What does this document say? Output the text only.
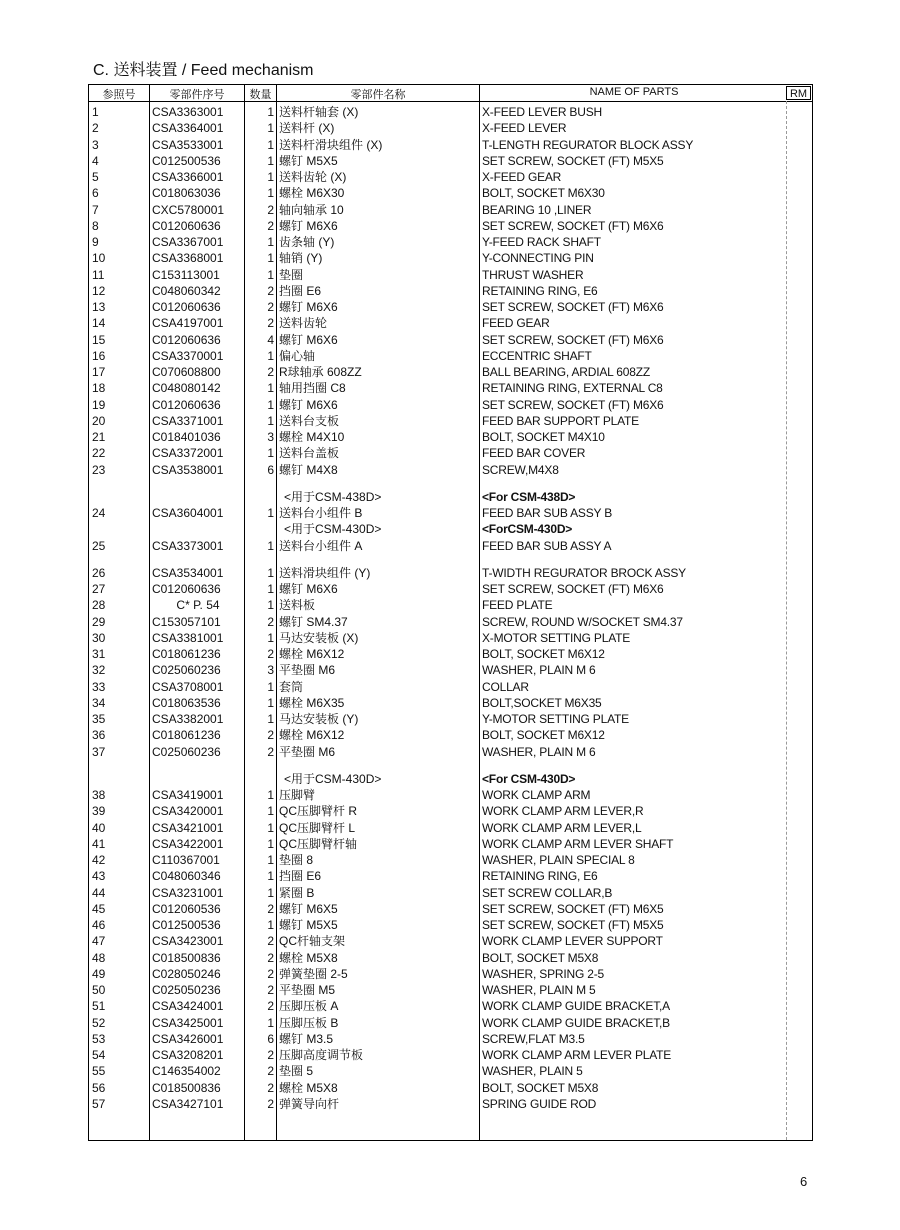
C. 送料装置 / Feed mechanism
参照号	零部件序号	数量	零部件名称	NAME OF PARTS
1	CSA3363001	1 送料杆轴套 (X)	X-FEED LEVER BUSH
2	CSA3364001	1 送料杆 (X)	X-FEED LEVER
3	CSA3533001	1 送料杆滑块组件 (X)	T-LENGTH REGURATOR BLOCK ASSY
4	C012500536	1 螺钉 M5X5	SET SCREW, SOCKET (FT) M5X5
5	CSA3366001	1 送料齿轮 (X)	X-FEED GEAR
6	C018063036	1 螺栓 M6X30	BOLT, SOCKET M6X30
7	CXC5780001	2 轴向轴承 10	BEARING 10 ,LINER
8	C012060636	2 螺钉 M6X6	SET SCREW, SOCKET (FT) M6X6
9	CSA3367001	1 齿条轴 (Y)	Y-FEED RACK SHAFT
10	CSA3368001	1 轴销 (Y)	Y-CONNECTING PIN
11	C153113001	1 垫圈	THRUST WASHER
12	C048060342	2 挡圈 E6	RETAINING RING, E6
13	C012060636	2 螺钉 M6X6	SET SCREW, SOCKET (FT) M6X6
14	CSA4197001	2 送料齿轮	FEED GEAR
15	C012060636	4 螺钉 M6X6	SET SCREW, SOCKET (FT) M6X6
16	CSA3370001	1 偏心轴	ECCENTRIC SHAFT
17	C070608800	2 R球轴承 608ZZ	BALL BEARING, ARDIAL 608ZZ
18	C048080142	1 轴用挡圈 C8	RETAINING RING, EXTERNAL C8
19	C012060636	1 螺钉 M6X6	SET SCREW, SOCKET (FT) M6X6
20	CSA3371001	1 送料台支板	FEED BAR SUPPORT PLATE
21	C018401036	3 螺栓 M4X10	BOLT, SOCKET M4X10
22	CSA3372001	1 送料台盖板	FEED BAR COVER
23	CSA3538001	6 螺钉 M4X8	SCREW,M4X8
<用于CSM-438D>	<For CSM-438D>
24	CSA3604001	1 送料台小组件 B	FEED BAR SUB ASSY B
<用于CSM-430D>	<ForCSM-430D>
25	CSA3373001	1 送料台小组件 A	FEED BAR SUB ASSY A
26	CSA3534001	1 送料滑块组件 (Y)	T-WIDTH REGURATOR BROCK ASSY
27	C012060636	1 螺钉 M6X6	SET SCREW, SOCKET (FT) M6X6
28	C* P. 54	1 送料板	FEED PLATE
29	C153057101	2 螺钉 SM4.37	SCREW, ROUND W/SOCKET SM4.37
30	CSA3381001	1 马达安装板 (X)	X-MOTOR SETTING PLATE
31	C018061236	2 螺栓 M6X12	BOLT, SOCKET M6X12
32	C025060236	3 平垫圈 M6	WASHER, PLAIN M 6
33	CSA3708001	1 套筒	COLLAR
34	C018063536	1 螺栓 M6X35	BOLT,SOCKET M6X35
35	CSA3382001	1 马达安装板 (Y)	Y-MOTOR SETTING PLATE
36	C018061236	2 螺栓 M6X12	BOLT, SOCKET M6X12
37	C025060236	2 平垫圈 M6	WASHER, PLAIN M 6
<用于CSM-430D>	<For CSM-430D>
38	CSA3419001	1 压脚臂	WORK CLAMP ARM
39	CSA3420001	1 QC压脚臂杆 R	WORK CLAMP ARM LEVER,R
40	CSA3421001	1 QC压脚臂杆 L	WORK CLAMP ARM LEVER,L
41	CSA3422001	1 QC压脚臂杆轴	WORK CLAMP ARM LEVER SHAFT
42	C110367001	1 垫圈 8	WASHER, PLAIN SPECIAL 8
43	C048060346	1 挡圈 E6	RETAINING RING, E6
44	CSA3231001	1 紧圈 B	SET SCREW COLLAR,B
45	C012060536	2 螺钉 M6X5	SET SCREW, SOCKET (FT) M6X5
46	C012500536	1 螺钉 M5X5	SET SCREW, SOCKET (FT) M5X5
47	CSA3423001	2 QC杆轴支架	WORK CLAMP LEVER SUPPORT
48	C018500836	2 螺栓 M5X8	BOLT, SOCKET M5X8
49	C028050246	2 弹簧垫圈 2-5	WASHER, SPRING 2-5
50	C025050236	2 平垫圈 M5	WASHER, PLAIN M 5
51	CSA3424001	2 压脚压板 A	WORK CLAMP GUIDE BRACKET,A
52	CSA3425001	1 压脚压板 B	WORK CLAMP GUIDE BRACKET,B
53	CSA3426001	6 螺钉 M3.5	SCREW,FLAT M3.5
54	CSA3208201	2 压脚高度调节板	WORK CLAMP ARM LEVER PLATE
55	C146354002	2 垫圈 5	WASHER, PLAIN 5
56	C018500836	2 螺栓 M5X8	BOLT, SOCKET M5X8
57	CSA3427101	2 弹簧导向杆	SPRING GUIDE ROD
RM
6
